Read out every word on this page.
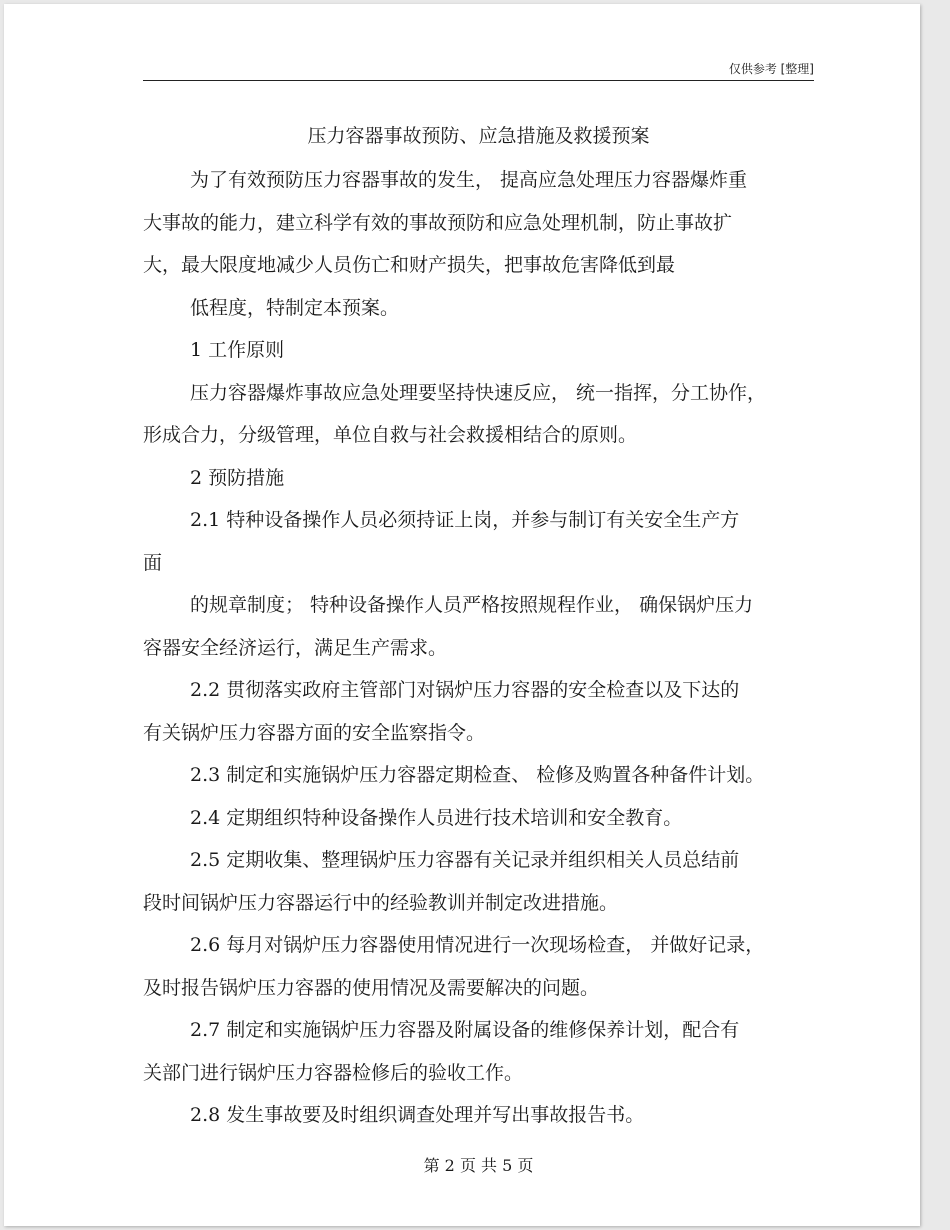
仅供参考 [整理]
压力容器事故预防、应急措施及救援预案
为了有效预防压力容器事故的发生， 提高应急处理压力容器爆炸重
大事故的能力，建立科学有效的事故预防和应急处理机制，防止事故扩
大，最大限度地减少人员伤亡和财产损失，把事故危害降低到最
低程度，特制定本预案。
1 工作原则
压力容器爆炸事故应急处理要坚持快速反应， 统一指挥，分工协作，
形成合力，分级管理，单位自救与社会救援相结合的原则。
2 预防措施
2.1 特种设备操作人员必须持证上岗，并参与制订有关安全生产方
面
的规章制度； 特种设备操作人员严格按照规程作业， 确保锅炉压力
容器安全经济运行，满足生产需求。
2.2 贯彻落实政府主管部门对锅炉压力容器的安全检查以及下达的
有关锅炉压力容器方面的安全监察指令。
2.3 制定和实施锅炉压力容器定期检查、 检修及购置各种备件计划。
2.4 定期组织特种设备操作人员进行技术培训和安全教育。
2.5 定期收集、整理锅炉压力容器有关记录并组织相关人员总结前
段时间锅炉压力容器运行中的经验教训并制定改进措施。
2.6 每月对锅炉压力容器使用情况进行一次现场检查， 并做好记录，
及时报告锅炉压力容器的使用情况及需要解决的问题。
2.7 制定和实施锅炉压力容器及附属设备的维修保养计划，配合有
关部门进行锅炉压力容器检修后的验收工作。
2.8 发生事故要及时组织调查处理并写出事故报告书。
第 2 页 共 5 页
